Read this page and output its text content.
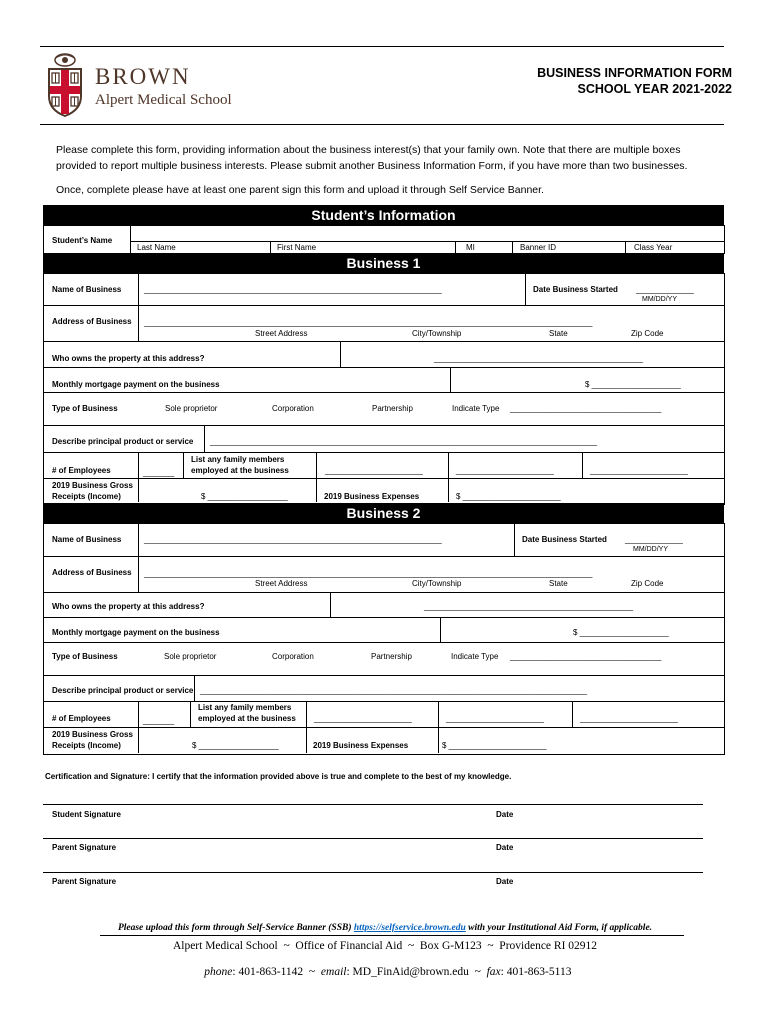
BROWN
Alpert Medical School
BUSINESS INFORMATION FORM
SCHOOL YEAR 2021-2022
Please complete this form, providing information about the business interest(s) that your family own. Note that there are multiple boxes
provided to report multiple business interests. Please submit another Business Information Form, if you have more than two businesses.
Once, complete please have at least one parent sign this form and upload it through Self Service Banner.
Student’s Information
Student’s Name
Last Name	First Name	MI	Banner ID	Class Year
Business 1
Name of Business	______________________________________________________________________	Date Business Started _____________
MM/DD/YY
Address of Business ____________________________________________________________________________________________________________
Street Address	City/Township	State	Zip Code
Who owns the property at this address?	_______________________________________________
Monthly mortgage payment on the business	$ ____________________
Type of Business	Sole proprietor	Corporation	Partnership	Indicate Type __________________________________
Describe principal product or service _______________________________________________________________________________________
# of Employees	_______
List any family members
employed at the business	______________________	______________________	______________________
2019 Business Gross
Receipts (Income)	$ __________________	2019 Business Expenses	$ ______________________
Business 2
Name of Business	______________________________________________________________________	Date Business Started _____________
MM/DD/YY
Address of Business ____________________________________________________________________________________________________________
Street Address	City/Township	State	Zip Code
Who owns the property at this address?	_______________________________________________
Monthly mortgage payment on the business	$ ____________________
Type of Business	Sole proprietor	Corporation	Partnership	Indicate Type __________________________________
Describe principal product or service _______________________________________________________________________________________
# of Employees	_______
List any family members
employed at the business ______________________	______________________	______________________
2019 Business Gross
Receipts (Income)	$ __________________	2019 Business Expenses	$ ______________________
Certification and Signature: I certify that the information provided above is true and complete to the best of my knowledge.
Student Signature	Date
Parent Signature	Date
Parent Signature	Date
Please upload this form through Self-Service Banner (SSB) https://selfservice.brown.edu with your Institutional Aid Form, if applicable.
Alpert Medical School  ~  Office of Financial Aid  ~  Box G-M123  ~  Providence RI 02912

phone: 401-863-1142  ~  email: MD_FinAid@brown.edu  ~  fax: 401-863-5113
